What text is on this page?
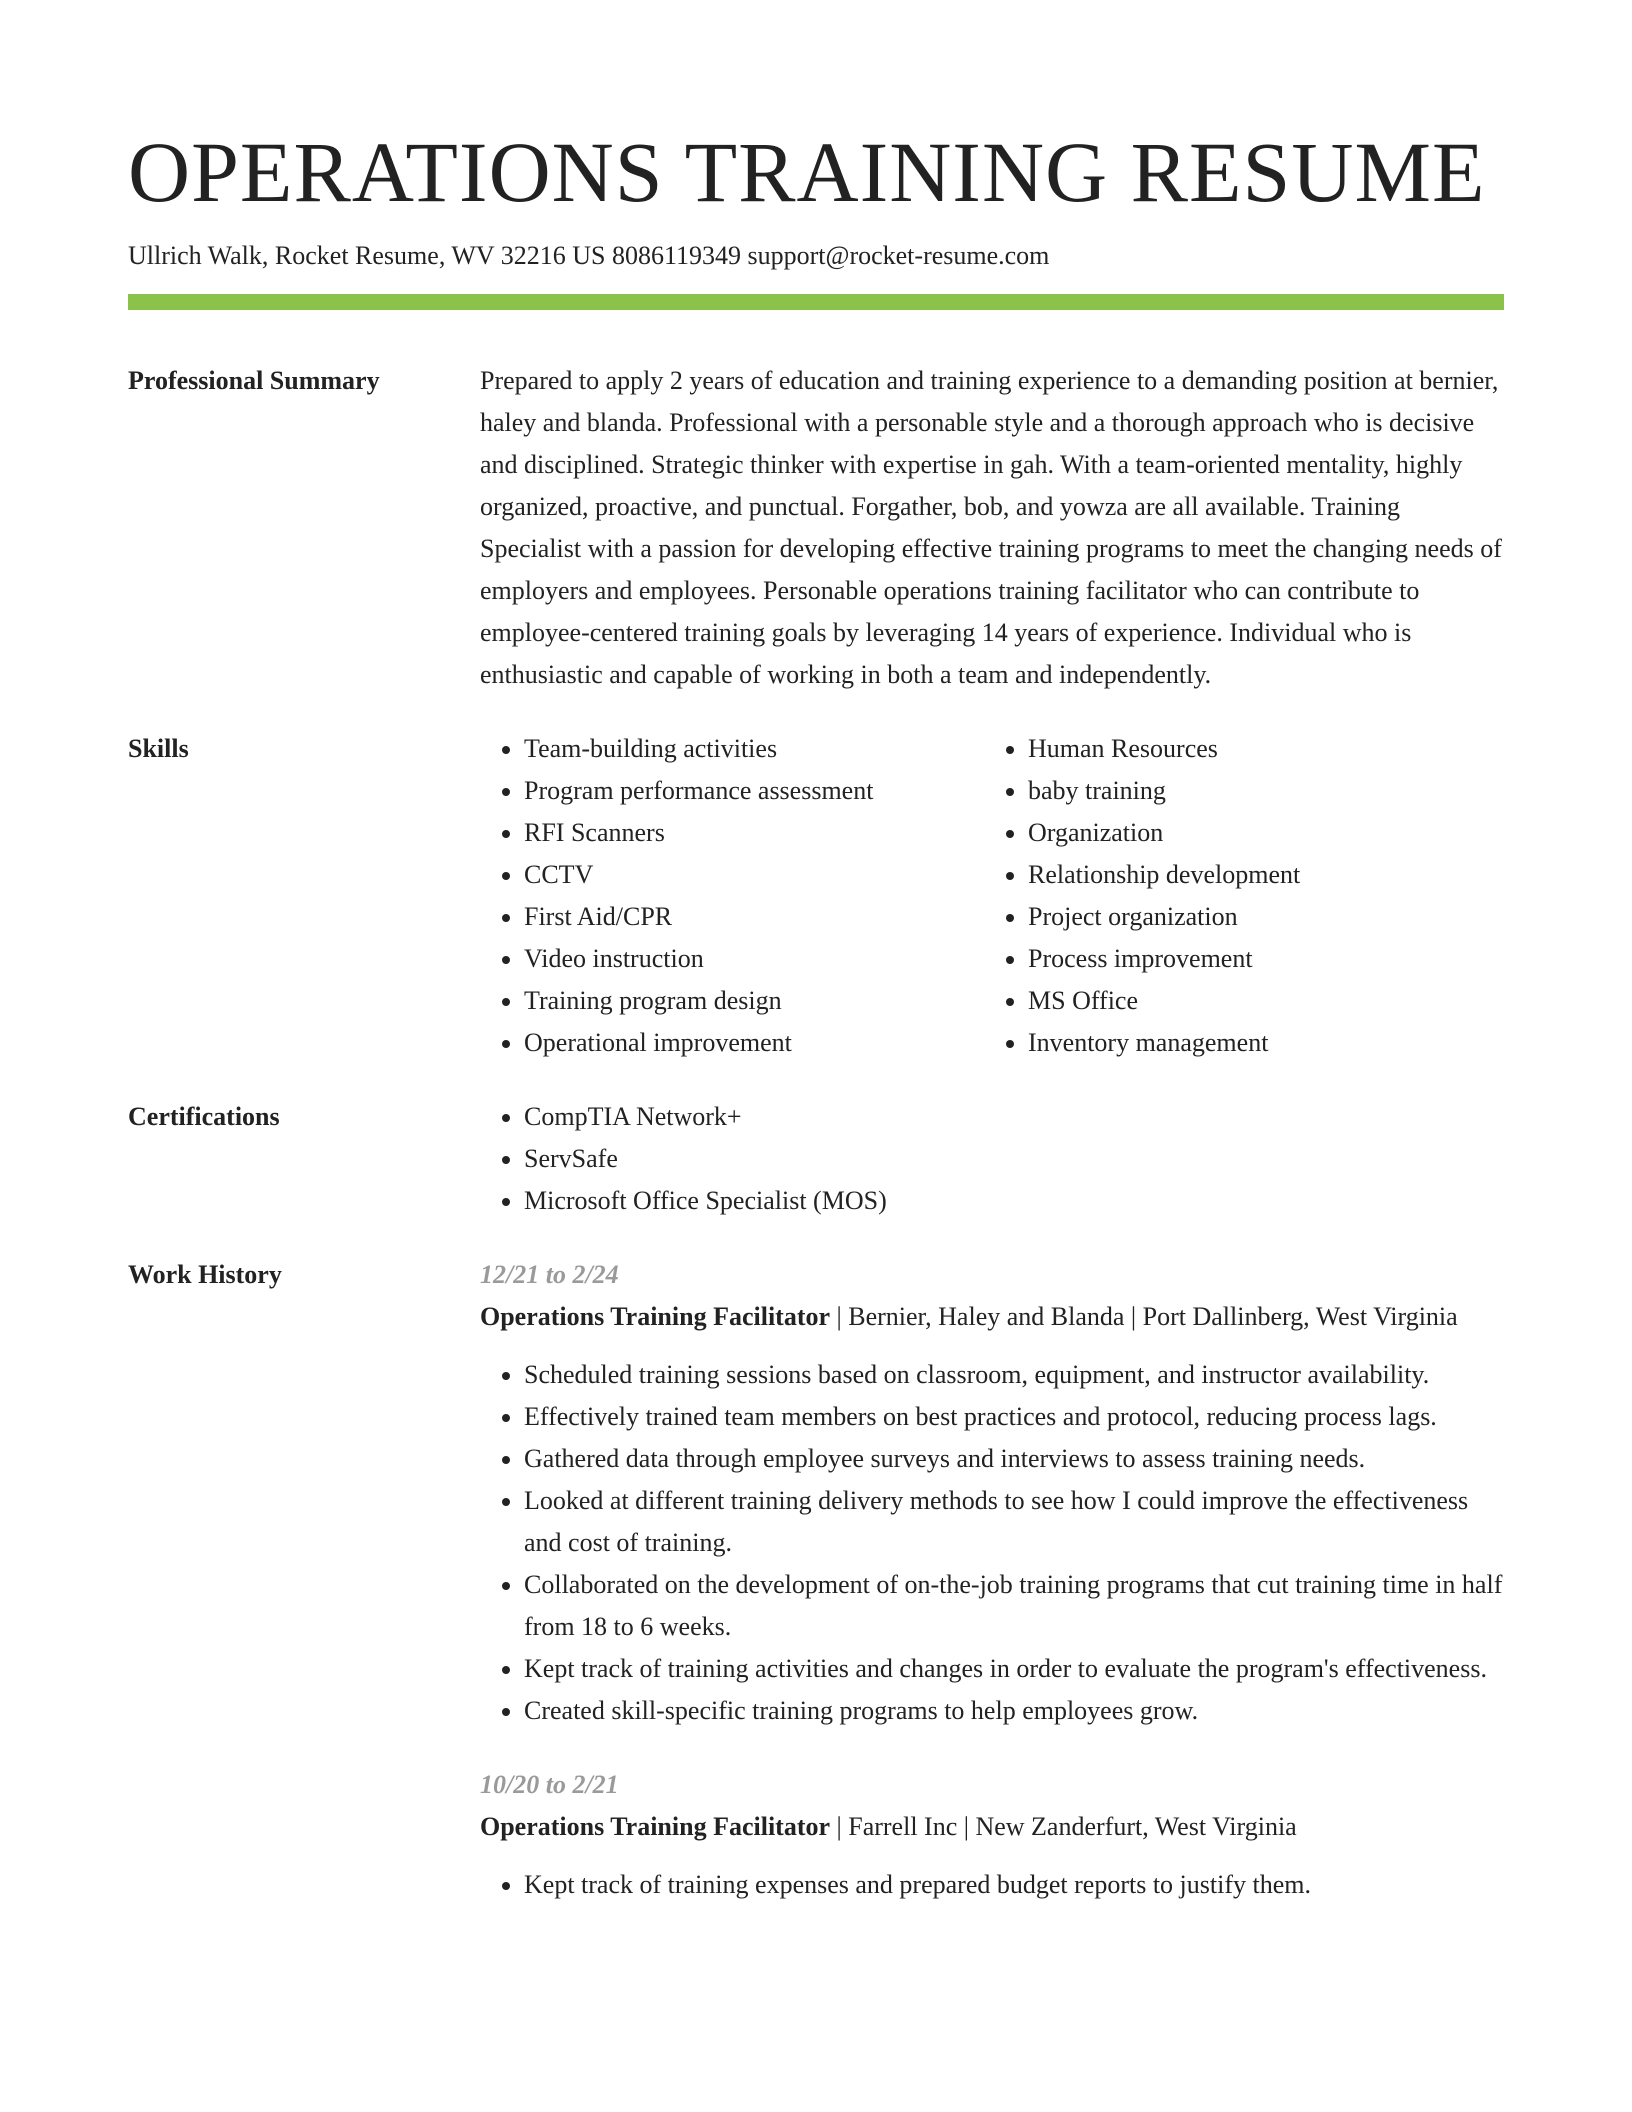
OPERATIONS TRAINING RESUME
Ullrich Walk, Rocket Resume, WV 32216 US 8086119349 support@rocket-resume.com
Professional Summary	Prepared to apply 2 years of education and training experience to a demanding position at bernier, haley and blanda. Professional with a personable style and a thorough approach who is decisive and disciplined. Strategic thinker with expertise in gah. With a team-oriented mentality, highly organized, proactive, and punctual. Forgather, bob, and yowza are all available. Training Specialist with a passion for developing effective training programs to meet the changing needs of employers and employees. Personable operations training facilitator who can contribute to employee-centered training goals by leveraging 14 years of experience. Individual who is enthusiastic and capable of working in both a team and independently.

Skills	• Team-building activities
• Program performance assessment
• RFI Scanners
• CCTV
• First Aid/CPR
• Video instruction
• Training program design
• Operational improvement
• Human Resources
• baby training
• Organization
• Relationship development
• Project organization
• Process improvement
• MS Office
• Inventory management
Certifications	• CompTIA Network+
• ServSafe
• Microsoft Office Specialist (MOS)
Work History	12/21 to 2/24
Operations Training Facilitator | Bernier, Haley and Blanda | Port Dallinberg, West Virginia
• Scheduled training sessions based on classroom, equipment, and instructor availability.
• Effectively trained team members on best practices and protocol, reducing process lags.
• Gathered data through employee surveys and interviews to assess training needs.
• Looked at different training delivery methods to see how I could improve the effectiveness and cost of training.
• Collaborated on the development of on-the-job training programs that cut training time in half from 18 to 6 weeks.
• Kept track of training activities and changes in order to evaluate the program's effectiveness.
• Created skill-specific training programs to help employees grow.
10/20 to 2/21
Operations Training Facilitator | Farrell Inc | New Zanderfurt, West Virginia
• Kept track of training expenses and prepared budget reports to justify them.
